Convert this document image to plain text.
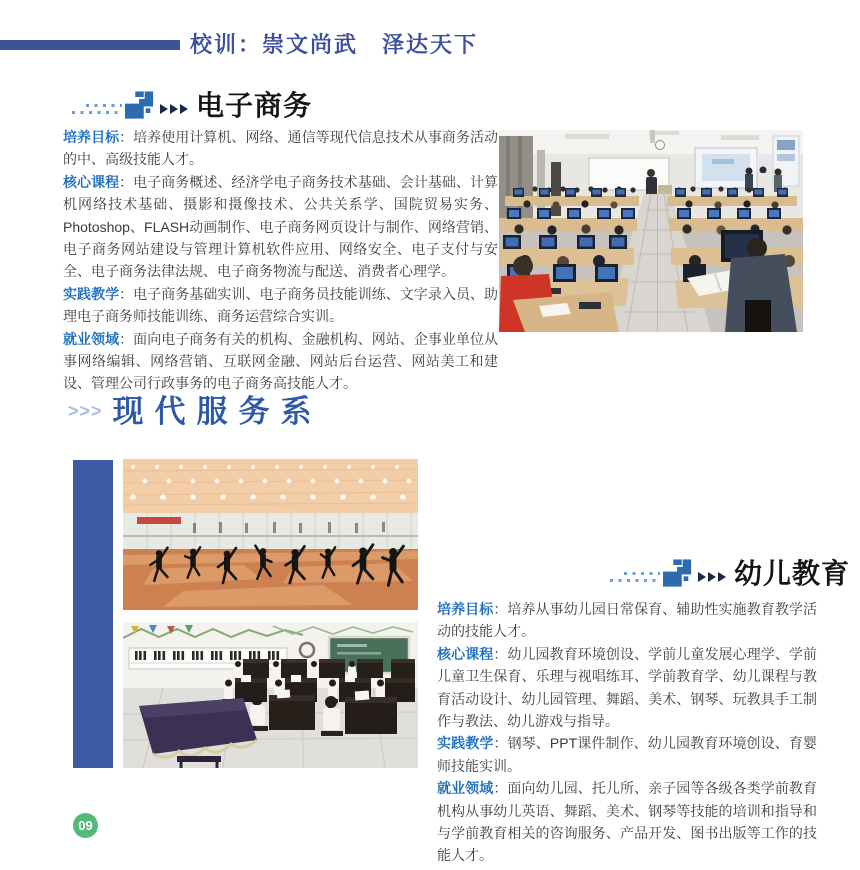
校训：崇文尚武　泽达天下
电子商务

培养目标：培养使用计算机、网络、通信等现代信息技术从事商务活动的中、高级技能人才。

核心课程：电子商务概述、经济学电子商务技术基础、会计基础、计算机网络技术基础、摄影和摄像技术、公共关系学、国院贸易实务、Photoshop、FLASH动画制作、电子商务网页设计与制作、网络营销、电子商务网站建设与管理计算机软件应用、网络安全、电子支付与安全、电子商务法律法规、电子商务物流与配送、消费者心理学。

实践教学：电子商务基础实训、电子商务员技能训练、文字录入员、助理电子商务师技能训练、商务运营综合实训。

就业领域：面向电子商务有关的机构、金融机构、网站、企事业单位从事网络编辑、网络营销、互联网金融、网站后台运营、网站美工和建设、管理公司行政事务的电子商务高技能人才。

>>> 现代服务系
幼儿教育

培养目标：培养从事幼儿园日常保育、辅助性实施教育教学活动的技能人才。

核心课程：幼儿园教育环境创设、学前儿童发展心理学、学前儿童卫生保育、乐理与视唱练耳、学前教育学、幼儿课程与教育活动设计、幼儿园管理、舞蹈、美术、钢琴、玩教具手工制作与教法、幼儿游戏与指导。

实践教学：钢琴、PPT课件制作、幼儿园教育环境创设、育婴师技能实训。

就业领域：面向幼儿园、托儿所、亲子园等各级各类学前教育机构从事幼儿英语、舞蹈、美术、钢琴等技能的培训和指导和与学前教育相关的咨询服务、产品开发、图书出版等工作的技能人才。

09
